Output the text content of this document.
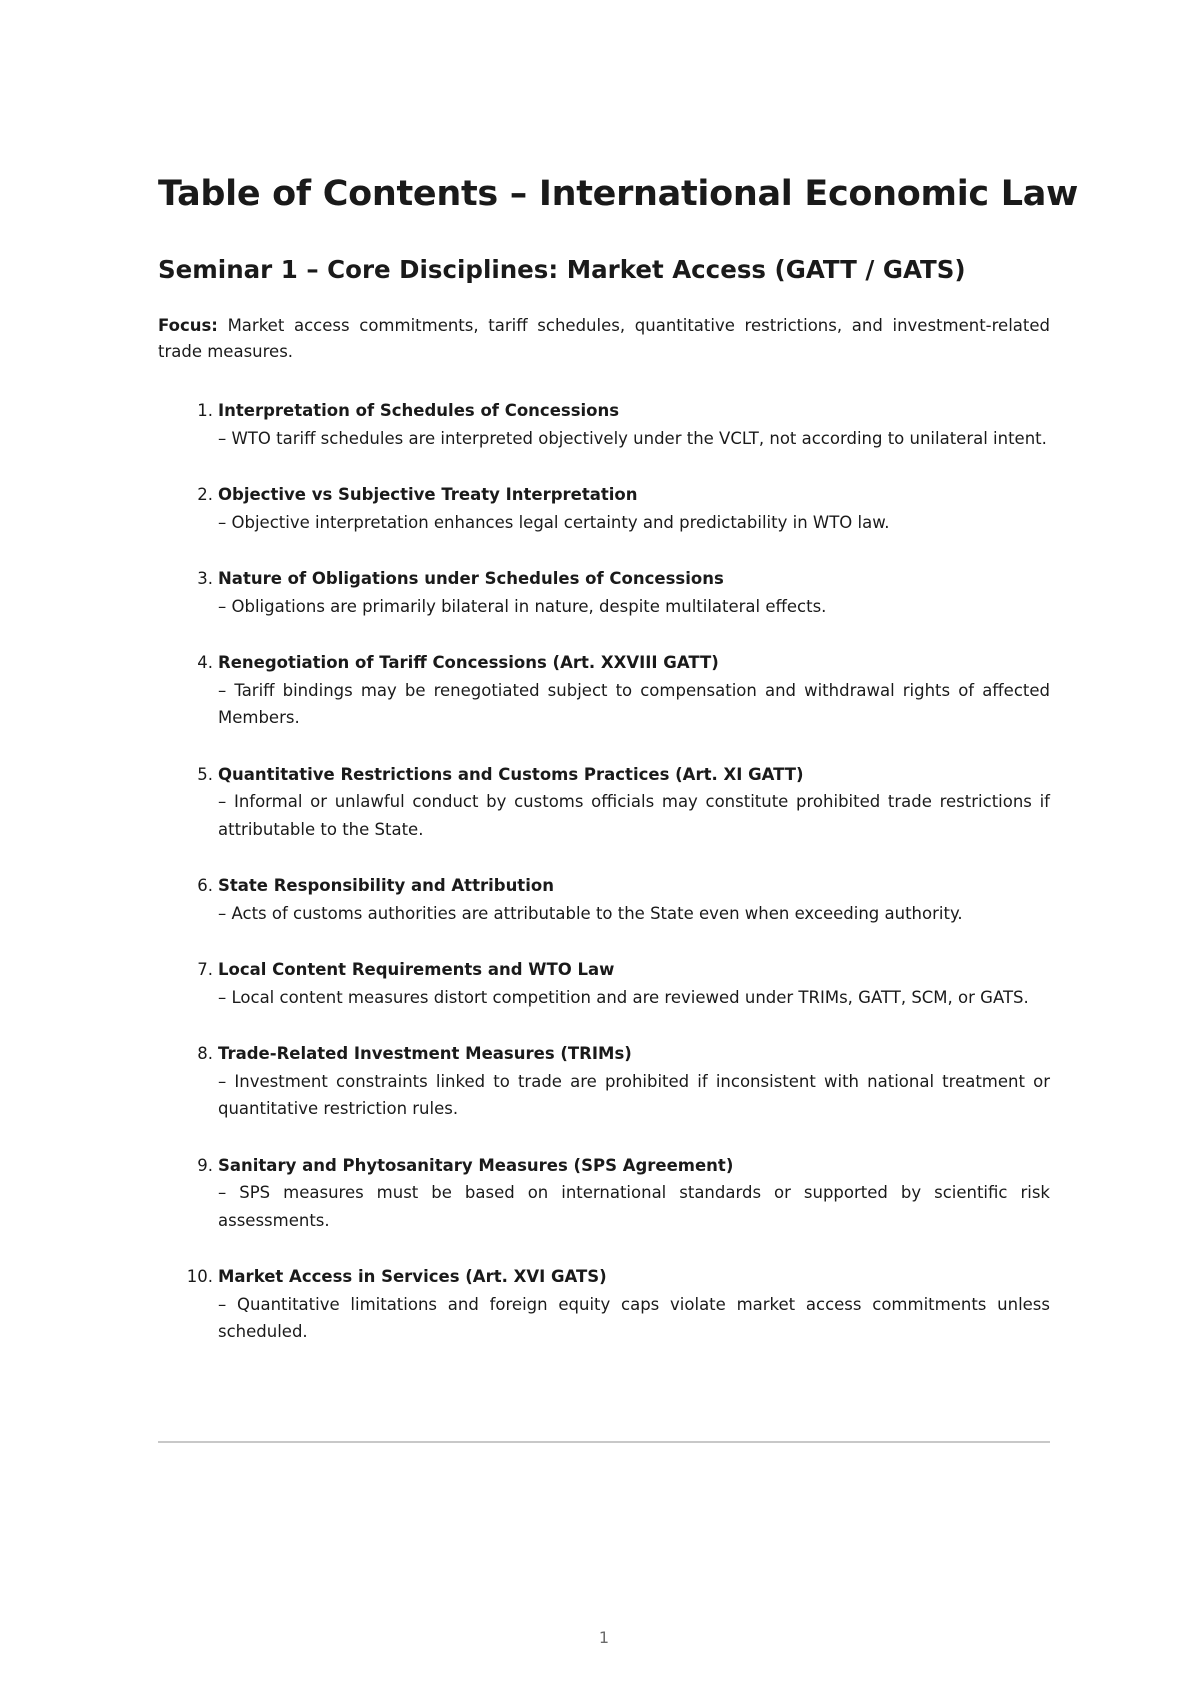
Table of Contents – International Economic Law
Seminar 1 – Core Disciplines: Market Access (GATT / GATS)

Focus: Market access commitments, tariff schedules, quantitative restrictions, and investment-related trade measures.

1. Interpretation of Schedules of Concessions
– WTO tariff schedules are interpreted objectively under the VCLT, not according to unilateral intent.
2. Objective vs Subjective Treaty Interpretation
– Objective interpretation enhances legal certainty and predictability in WTO law.
3. Nature of Obligations under Schedules of Concessions
– Obligations are primarily bilateral in nature, despite multilateral effects.
4. Renegotiation of Tariff Concessions (Art. XXVIII GATT)
– Tariff bindings may be renegotiated subject to compensation and withdrawal rights of affected Members.
5. Quantitative Restrictions and Customs Practices (Art. XI GATT)
– Informal or unlawful conduct by customs officials may constitute prohibited trade restrictions if attributable to the State.
6. State Responsibility and Attribution
– Acts of customs authorities are attributable to the State even when exceeding authority.
7. Local Content Requirements and WTO Law
– Local content measures distort competition and are reviewed under TRIMs, GATT, SCM, or GATS.
8. Trade-Related Investment Measures (TRIMs)
– Investment constraints linked to trade are prohibited if inconsistent with national treatment or quantitative restriction rules.
9. Sanitary and Phytosanitary Measures (SPS Agreement)
– SPS measures must be based on international standards or supported by scientific risk assessments.
10. Market Access in Services (Art. XVI GATS)
– Quantitative limitations and foreign equity caps violate market access commitments unless scheduled.
1
